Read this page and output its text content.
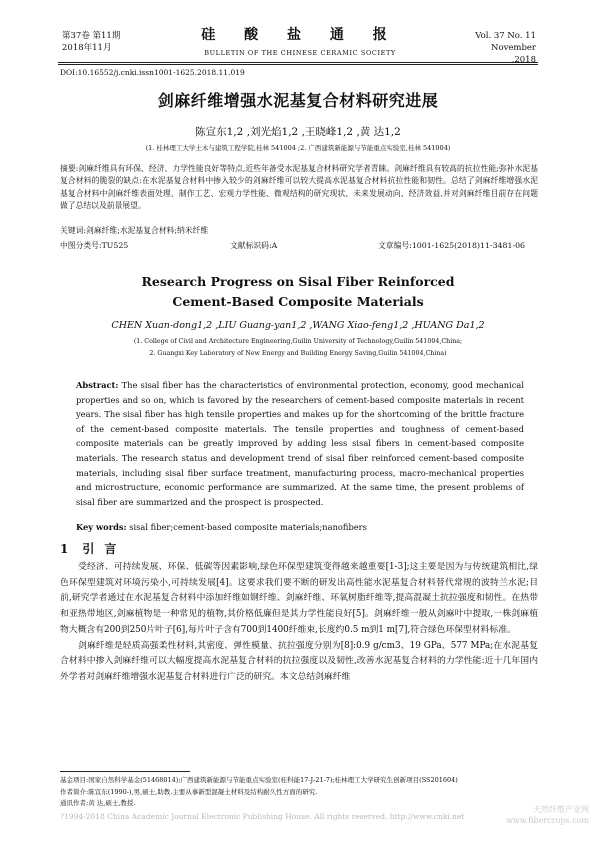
第37卷 第11期
2018年11月
硅 酸 盐 通 报
BULLETIN OF THE CHINESE CERAMIC SOCIETY
Vol. 37 No. 11
November ,2018
DOI:10.16552/j.cnki.issn1001-1625.2018.11.019
剑麻纤维增强水泥基复合材料研究进展
陈宣东1,2 ,刘光焰1,2 ,王晓峰1,2 ,黄 达1,2
(1. 桂林理工大学土木与建筑工程学院,桂林 541004 ;2. 广西建筑新能源与节能重点实验室,桂林 541004)
摘要:剑麻纤维具有环保、经济、力学性能良好等特点,近些年备受水泥基复合材料研究学者青睐。剑麻纤维具有较高的抗拉性能;弥补水泥基复合材料的脆裂的缺点:在水泥基复合材料中掺入较少的剑麻纤维可以较大提高水泥基复合材料抗拉性能和韧性。总结了剑麻纤维增强水泥基复合材料中剑麻纤维表面处理、制作工艺、宏观力学性能、微观结构的研究现状、未来发展动向、经济效益,并对剑麻纤维目前存在问题做了总结以及前景展望。
关键词:剑麻纤维;水泥基复合材料;纳米纤维
中图分类号:TU525	文献标识码:A	文章编号:1001-1625(2018)11-3481-06
Research Progress on Sisal Fiber Reinforced
Cement-Based Composite Materials
CHEN Xuan-dong1,2 ,LIU Guang-yan1,2 ,WANG Xiao-feng1,2 ,HUANG Da1,2
(1. College of Civil and Architecture Engineering,Guilin University of Technology,Guilin 541004,China;
2. Guangxi Key Laboratory of New Energy and Building Energy Saving,Guilin 541004,China)
Abstract: The sisal fiber has the characteristics of environmental protection, economy, good mechanical properties and so on, which is favored by the researchers of cement-based composite materials in recent years. The sisal fiber has high tensile properties and makes up for the shortcoming of the brittle fracture of the cement-based composite materials. The tensile properties and toughness of cement-based composite materials can be greatly improved by adding less sisal fibers in cement-based composite materials. The research status and development trend of sisal fiber reinforced cement-based composite materials, including sisal fiber surface treatment, manufacturing process, macro-mechanical properties and microstructure, economic performance are summarized. At the same time, the present problems of sisal fiber are summarized and the prospect is prospected.
Key words: sisal fiber;cement-based composite materials;nanofibers
1 引言

受经济、可持续发展、环保、低碳等因素影响,绿色环保型建筑变得越来越重要[1-3];这主要是因为与传统建筑相比,绿色环保型建筑对环境污染小,可持续发展[4]。这要求我们要不断的研发出高性能水泥基复合材料替代常规的波特兰水泥;目前,研究学者通过在水泥基复合材料中添加纤维如钢纤维、剑麻纤维、环氧树脂纤维等,提高混凝土抗拉强度和韧性。在热带和亚热带地区,剑麻植物是一种常见的植物,其价格低廉但是其力学性能良好[5]。剑麻纤维一般从剑麻叶中提取,一株剑麻植物大概含有200到250片叶子[6],每片叶子含有700到1400纤维束,长度约0.5 m到1 m[7],符合绿色环保型材料标准。

剑麻纤维是轻质高强柔性材料,其密度、弹性模量、抗拉强度分别为[8]:0.9 g/cm3、19 GPa、577 MPa;在水泥基复合材料中掺入剑麻纤维可以大幅度提高水泥基复合材料的抗拉强度以及韧性,改善水泥基复合材料的力学性能:近十几年国内外学者对剑麻纤维增强水泥基复合材料进行广泛的研究。本文总结剑麻纤维

基金项目:国家自然科学基金(51468014);广西建筑新能源与节能重点实验室(桂科能17-J-21-7);桂林理工大学研究生创新项目(SS201604)
作者简介:陈宣东(1990-),男,硕士,助教.主要从事新型混凝土材料及结构耐久性方面的研究.
通讯作者:黄 达,硕士,教授.
?1994-2018 China Academic Journal Electronic Publishing House. All rights reserved. http://www.cnki.net
天然纤维产业网 www.fibercrops.com
